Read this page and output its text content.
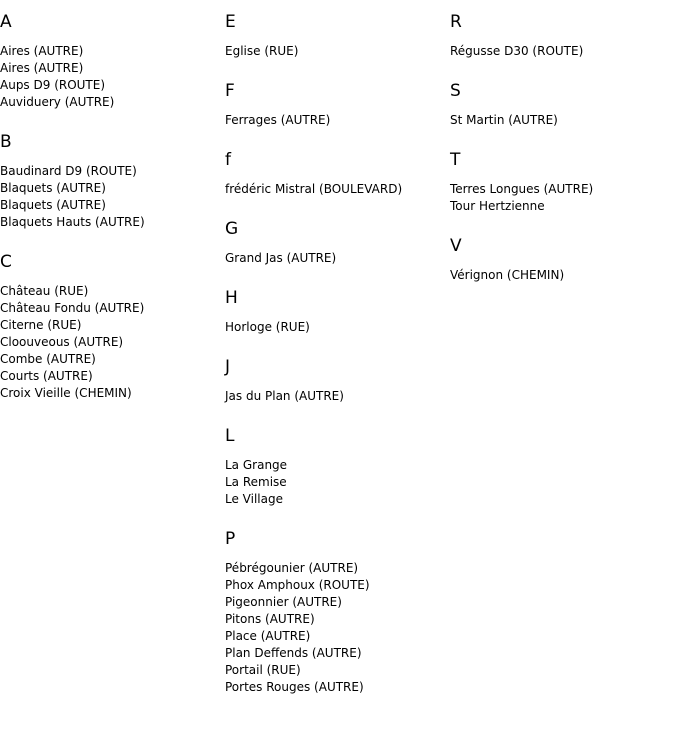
A
Aires (AUTRE)
Aires (AUTRE)
Aups D9 (ROUTE)
Auviduery (AUTRE)
B
Baudinard D9 (ROUTE)
Blaquets (AUTRE)
Blaquets (AUTRE)
Blaquets Hauts (AUTRE)
C
Château (RUE)
Château Fondu (AUTRE)
Citerne (RUE)
Cloouveous (AUTRE)
Combe (AUTRE)
Courts (AUTRE)
Croix Vieille (CHEMIN)
E
Eglise (RUE)
F
Ferrages (AUTRE)
f
frédéric Mistral (BOULEVARD)
G
Grand Jas (AUTRE)
H
Horloge (RUE)
J
Jas du Plan (AUTRE)
L
La Grange
La Remise
Le Village
P
Pébrégounier (AUTRE)
Phox Amphoux (ROUTE)
Pigeonnier (AUTRE)
Pitons (AUTRE)
Place (AUTRE)
Plan Deffends (AUTRE)
Portail (RUE)
Portes Rouges (AUTRE)
R
Régusse D30 (ROUTE)
S
St Martin (AUTRE)
T
Terres Longues (AUTRE)
Tour Hertzienne
V
Vérignon (CHEMIN)
